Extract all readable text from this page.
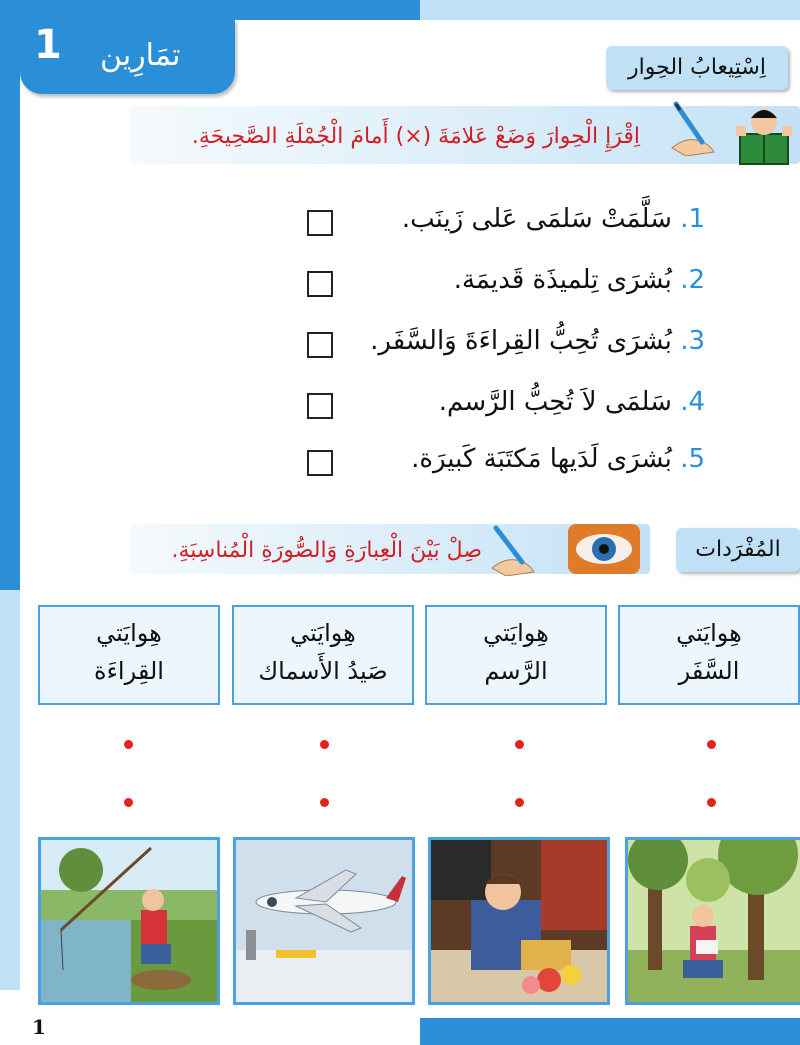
1 تمَارِين	اِسْتِيعابُ الحِوار
اِقْرَإِ الْحِوارَ وَضَعْ عَلامَةَ (×) أَمامَ الْجُمْلَةِ الصَّحِيحَةِ.
1. سَلَّمَتْ سَلمَى عَلى زَينَب.
2. بُشرَى تِلميذَة قَديمَة.
3. بُشرَى تُحِبُّ القِراءَةَ وَالسَّفَر.
4. سَلمَى لاَ تُحِبُّ الرَّسم.
5. بُشرَى لَدَيها مَكتَبَة كَبيرَة.
المُفْرَدات
صِلْ بَيْنَ الْعِبارَةِ وَالصُّورَةِ الْمُناسِبَةِ.
هِوايَتي
السَّفَر
هِوايَتي
الرَّسم
هِوايَتي
صَيدُ الأَسماك
هِوايَتي
القِراءَة
1
